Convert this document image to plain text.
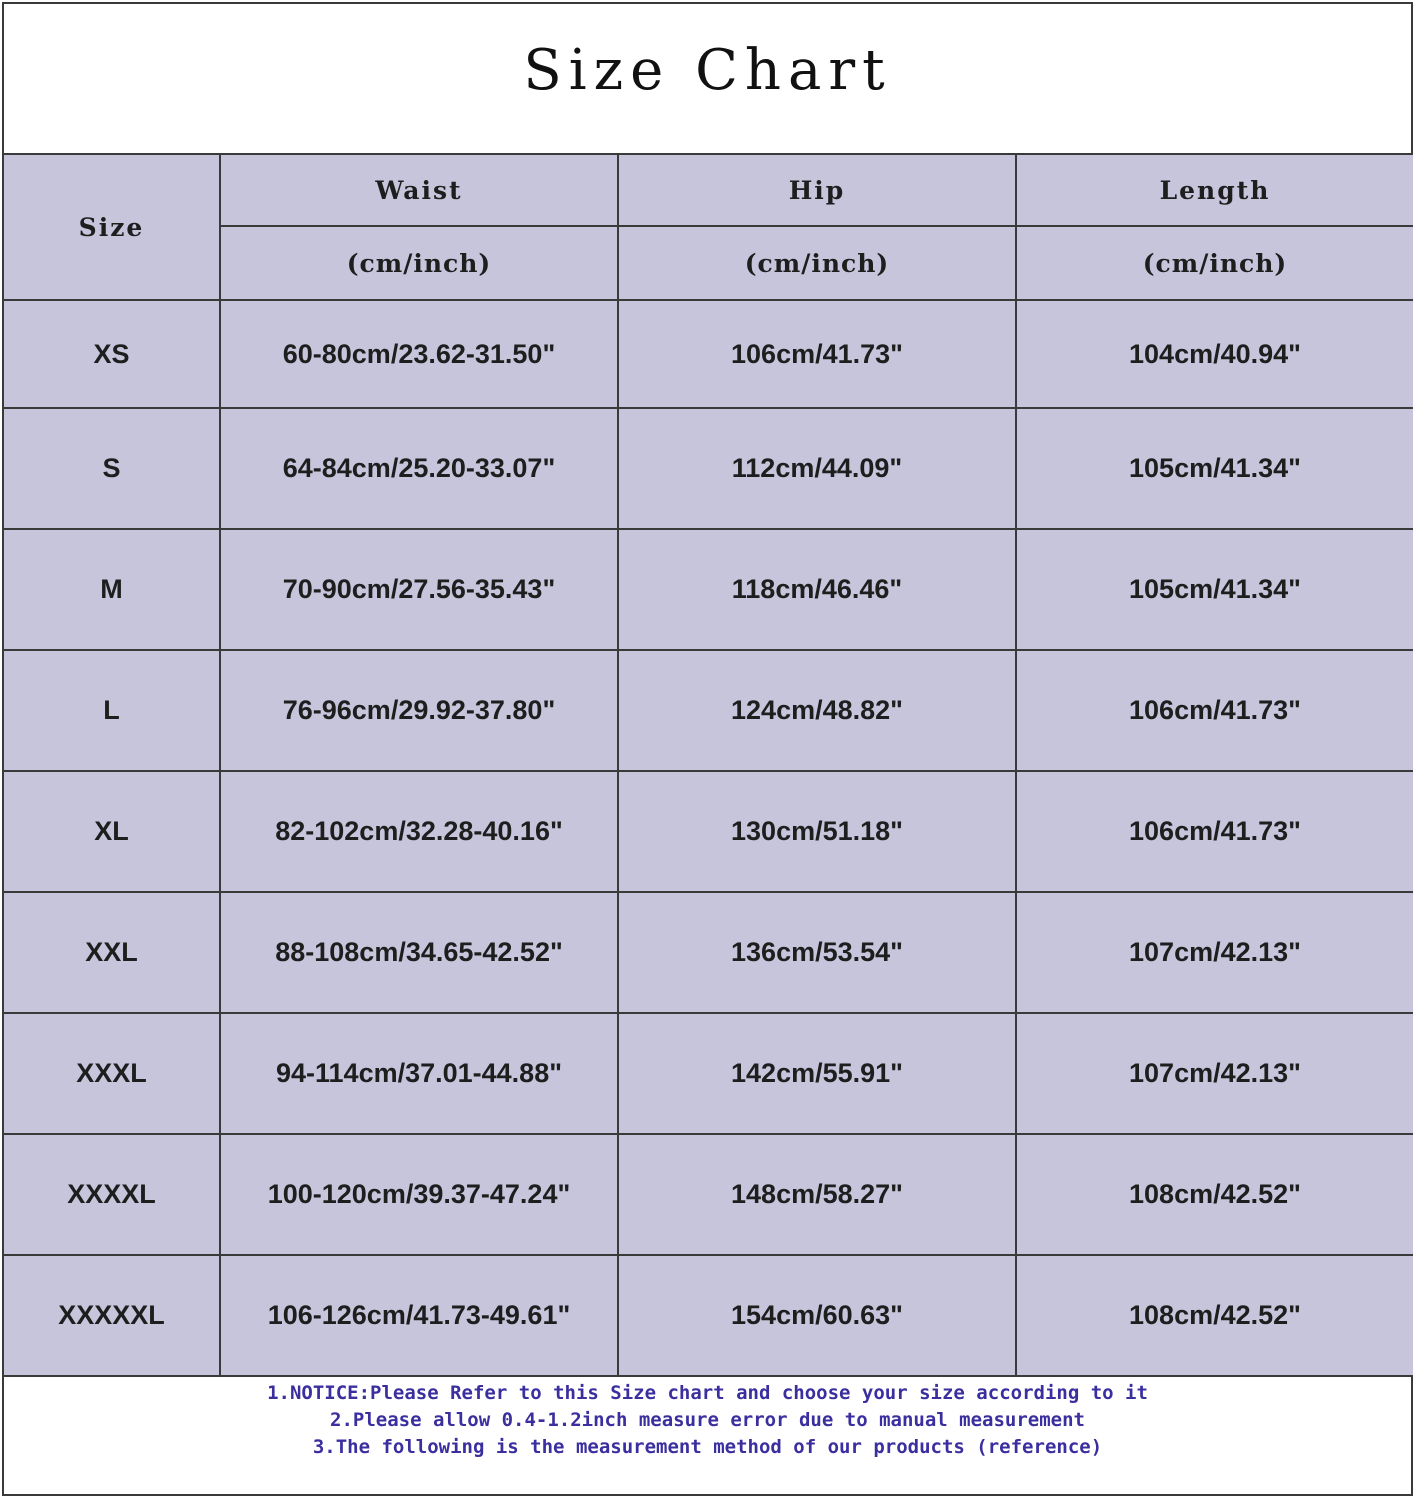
Size Chart
Size	Waist	Hip	Length
	(cm/inch)	(cm/inch)	(cm/inch)
XS	60-80cm/23.62-31.50"	106cm/41.73"	104cm/40.94"
S	64-84cm/25.20-33.07"	112cm/44.09"	105cm/41.34"
M	70-90cm/27.56-35.43"	118cm/46.46"	105cm/41.34"
L	76-96cm/29.92-37.80"	124cm/48.82"	106cm/41.73"
XL	82-102cm/32.28-40.16"	130cm/51.18"	106cm/41.73"
XXL	88-108cm/34.65-42.52"	136cm/53.54"	107cm/42.13"
XXXL	94-114cm/37.01-44.88"	142cm/55.91"	107cm/42.13"
XXXXL	100-120cm/39.37-47.24"	148cm/58.27"	108cm/42.52"
XXXXXL	106-126cm/41.73-49.61"	154cm/60.63"	108cm/42.52"
1.NOTICE:Please Refer to this Size chart and choose your size according to it
2.Please allow 0.4-1.2inch measure error due to manual measurement
3.The following is the measurement method of our products (reference)
